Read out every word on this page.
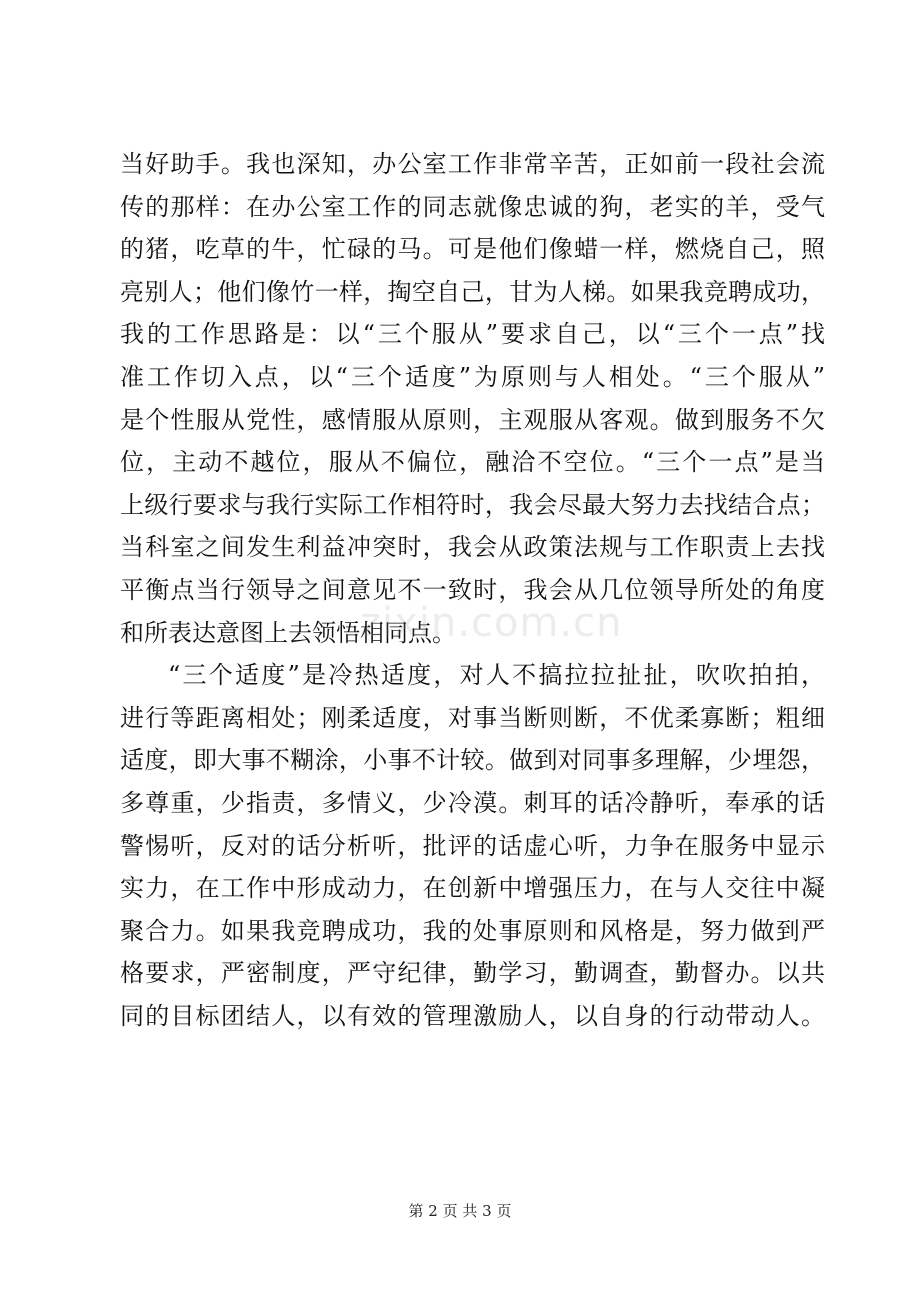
当好助手。我也深知，办公室工作非常辛苦，正如前一段社会流
传的那样：在办公室工作的同志就像忠诚的狗，老实的羊，受气
的猪，吃草的牛，忙碌的马。可是他们像蜡一样，燃烧自己，照
亮别人；他们像竹一样，掏空自己，甘为人梯。如果我竞聘成功，
我的工作思路是：以“三个服从”要求自己，以“三个一点”找
准工作切入点，以“三个适度”为原则与人相处。“三个服从”
是个性服从党性，感情服从原则，主观服从客观。做到服务不欠
位，主动不越位，服从不偏位，融洽不空位。“三个一点”是当
上级行要求与我行实际工作相符时，我会尽最大努力去找结合点；
当科室之间发生利益冲突时，我会从政策法规与工作职责上去找
平衡点当行领导之间意见不一致时，我会从几位领导所处的角度
和所表达意图上去领悟相同点。
“三个适度”是冷热适度，对人不搞拉拉扯扯，吹吹拍拍，
进行等距离相处；刚柔适度，对事当断则断，不优柔寡断；粗细
适度，即大事不糊涂，小事不计较。做到对同事多理解，少埋怨，
多尊重，少指责，多情义，少冷漠。刺耳的话冷静听，奉承的话
警惕听，反对的话分析听，批评的话虚心听，力争在服务中显示
实力，在工作中形成动力，在创新中增强压力，在与人交往中凝
聚合力。如果我竞聘成功，我的处事原则和风格是，努力做到严
格要求，严密制度，严守纪律，勤学习，勤调查，勤督办。以共
同的目标团结人，以有效的管理激励人，以自身的行动带动人。
zixin.com.cn
第 2 页 共 3 页
